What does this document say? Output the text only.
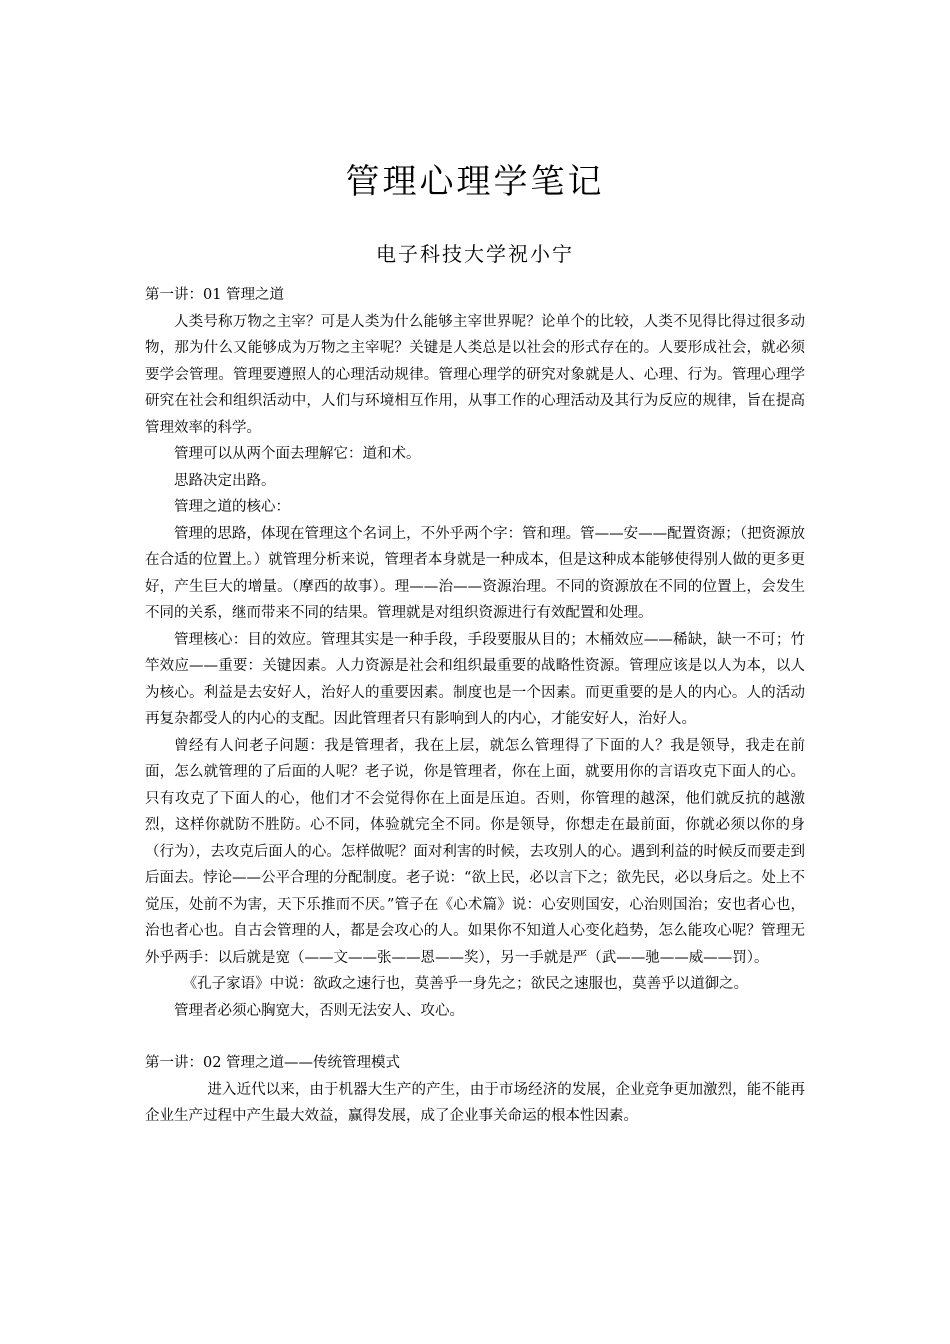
管理心理学笔记
电子科技大学祝小宁
第一讲：01 管理之道

人类号称万物之主宰？可是人类为什么能够主宰世界呢？论单个的比较，人类不见得比得过很多动物，那为什么又能够成为万物之主宰呢？关键是人类总是以社会的形式存在的。人要形成社会，就必须要学会管理。管理要遵照人的心理活动规律。管理心理学的研究对象就是人、心理、行为。管理心理学研究在社会和组织活动中，人们与环境相互作用，从事工作的心理活动及其行为反应的规律，旨在提高管理效率的科学。

管理可以从两个面去理解它：道和术。

思路决定出路。

管理之道的核心：

管理的思路，体现在管理这个名词上，不外乎两个字：管和理。管——安——配置资源；（把资源放在合适的位置上。）就管理分析来说，管理者本身就是一种成本，但是这种成本能够使得别人做的更多更好，产生巨大的增量。（摩西的故事）。理——治——资源治理。不同的资源放在不同的位置上，会发生不同的关系，继而带来不同的结果。管理就是对组织资源进行有效配置和处理。

管理核心：目的效应。管理其实是一种手段，手段要服从目的；木桶效应——稀缺，缺一不可；竹竿效应——重要：关键因素。人力资源是社会和组织最重要的战略性资源。管理应该是以人为本，以人为核心。利益是去安好人，治好人的重要因素。制度也是一个因素。而更重要的是人的内心。人的活动再复杂都受人的内心的支配。因此管理者只有影响到人的内心，才能安好人，治好人。

曾经有人问老子问题：我是管理者，我在上层，就怎么管理得了下面的人？我是领导，我走在前面，怎么就管理的了后面的人呢？老子说，你是管理者，你在上面，就要用你的言语攻克下面人的心。只有攻克了下面人的心，他们才不会觉得你在上面是压迫。否则，你管理的越深，他们就反抗的越激烈，这样你就防不胜防。心不同，体验就完全不同。你是领导，你想走在最前面，你就必须以你的身（行为），去攻克后面人的心。怎样做呢？面对利害的时候，去攻别人的心。遇到利益的时候反而要走到后面去。悖论——公平合理的分配制度。老子说：“欲上民，必以言下之；欲先民，必以身后之。处上不觉压，处前不为害，天下乐推而不厌。”管子在《心术篇》说：心安则国安，心治则国治；安也者心也，治也者心也。自古会管理的人，都是会攻心的人。如果你不知道人心变化趋势，怎么能攻心呢？管理无外乎两手：以后就是宽（——文——张——恩——奖），另一手就是严（武——驰——威——罚）。

《孔子家语》中说：欲政之速行也，莫善乎一身先之；欲民之速服也，莫善乎以道御之。

管理者必须心胸宽大，否则无法安人、攻心。

第一讲：02 管理之道——传统管理模式

进入近代以来，由于机器大生产的产生，由于市场经济的发展，企业竞争更加激烈，能不能再企业生产过程中产生最大效益，赢得发展，成了企业事关命运的根本性因素。
